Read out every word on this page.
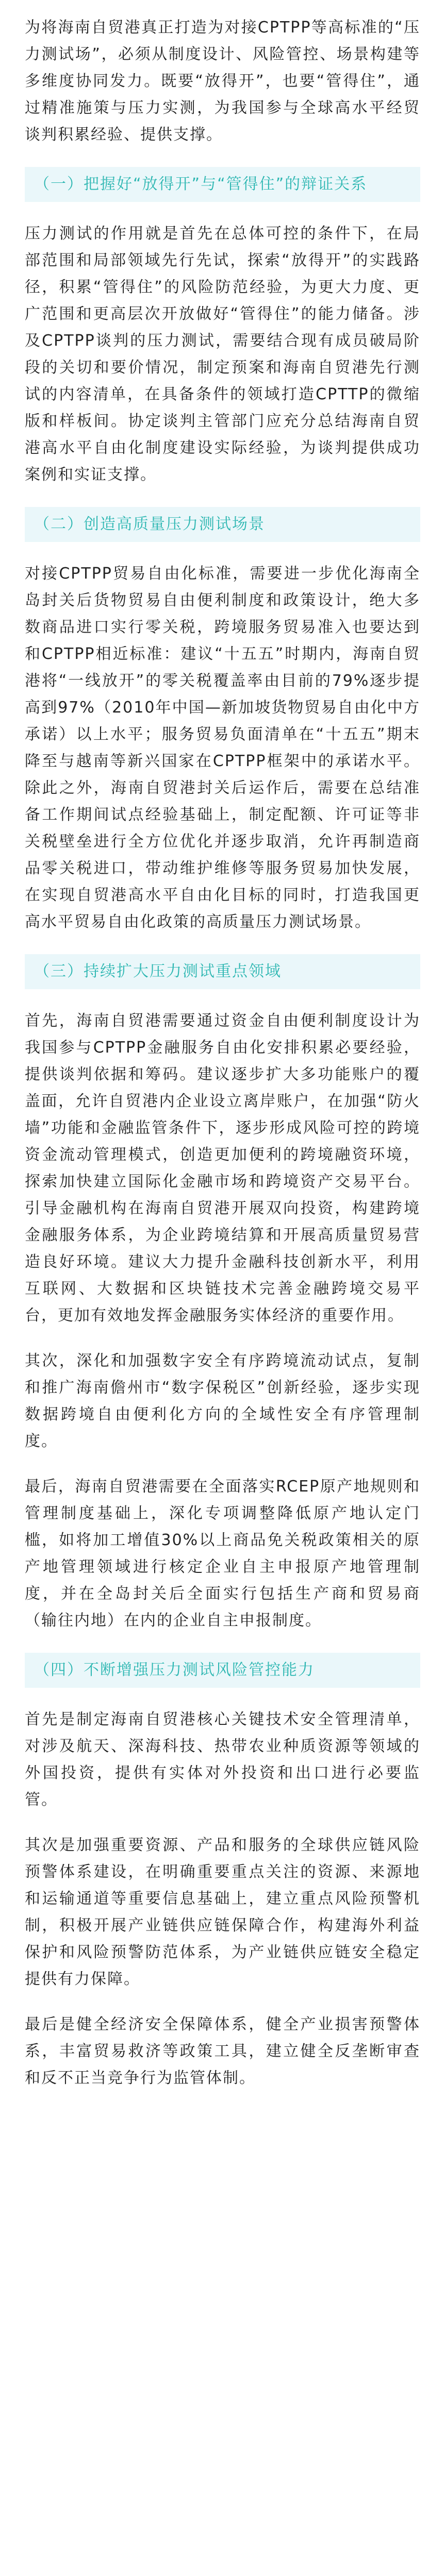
为将海南自贸港真正打造为对接CPTPP等高标准的“压力测试场”，必须从制度设计、风险管控、场景构建等多维度协同发力。既要“放得开”，也要“管得住”，通过精准施策与压力实测，为我国参与全球高水平经贸谈判积累经验、提供支撑。

（一）把握好“放得开”与“管得住”的辩证关系

压力测试的作用就是首先在总体可控的条件下，在局部范围和局部领域先行先试，探索“放得开”的实践路径，积累“管得住”的风险防范经验，为更大力度、更广范围和更高层次开放做好“管得住”的能力储备。涉及CPTPP谈判的压力测试，需要结合现有成员破局阶段的关切和要价情况，制定预案和海南自贸港先行测试的内容清单，在具备条件的领域打造CPTTP的微缩版和样板间。协定谈判主管部门应充分总结海南自贸港高水平自由化制度建设实际经验，为谈判提供成功案例和实证支撑。

（二）创造高质量压力测试场景

对接CPTPP贸易自由化标准，需要进一步优化海南全岛封关后货物贸易自由便利制度和政策设计，绝大多数商品进口实行零关税，跨境服务贸易准入也要达到和CPTPP相近标准：建议“十五五”时期内，海南自贸港将“一线放开”的零关税覆盖率由目前的79%逐步提高到97%（2010年中国—新加坡货物贸易自由化中方承诺）以上水平；服务贸易负面清单在“十五五”期末降至与越南等新兴国家在CPTPP框架中的承诺水平。除此之外，海南自贸港封关后运作后，需要在总结准备工作期间试点经验基础上，制定配额、许可证等非关税壁垒进行全方位优化并逐步取消，允许再制造商品零关税进口，带动维护维修等服务贸易加快发展，在实现自贸港高水平自由化目标的同时，打造我国更高水平贸易自由化政策的高质量压力测试场景。

（三）持续扩大压力测试重点领域

首先，海南自贸港需要通过资金自由便利制度设计为我国参与CPTPP金融服务自由化安排积累必要经验，提供谈判依据和筹码。建议逐步扩大多功能账户的覆盖面，允许自贸港内企业设立离岸账户，在加强“防火墙”功能和金融监管条件下，逐步形成风险可控的跨境资金流动管理模式，创造更加便利的跨境融资环境，探索加快建立国际化金融市场和跨境资产交易平台。引导金融机构在海南自贸港开展双向投资，构建跨境金融服务体系，为企业跨境结算和开展高质量贸易营造良好环境。建议大力提升金融科技创新水平，利用互联网、大数据和区块链技术完善金融跨境交易平台，更加有效地发挥金融服务实体经济的重要作用。

其次，深化和加强数字安全有序跨境流动试点，复制和推广海南儋州市“数字保税区”创新经验，逐步实现数据跨境自由便利化方向的全域性安全有序管理制度。

最后，海南自贸港需要在全面落实RCEP原产地规则和管理制度基础上，深化专项调整降低原产地认定门槛，如将加工增值30%以上商品免关税政策相关的原产地管理领域进行核定企业自主申报原产地管理制度，并在全岛封关后全面实行包括生产商和贸易商（输往内地）在内的企业自主申报制度。

（四）不断增强压力测试风险管控能力

首先是制定海南自贸港核心关键技术安全管理清单，对涉及航天、深海科技、热带农业种质资源等领域的外国投资，提供有实体对外投资和出口进行必要监管。

其次是加强重要资源、产品和服务的全球供应链风险预警体系建设，在明确重要重点关注的资源、来源地和运输通道等重要信息基础上，建立重点风险预警机制，积极开展产业链供应链保障合作，构建海外利益保护和风险预警防范体系，为产业链供应链安全稳定提供有力保障。

最后是健全经济安全保障体系，健全产业损害预警体系，丰富贸易救济等政策工具，建立健全反垄断审查和反不正当竞争行为监管体制。
